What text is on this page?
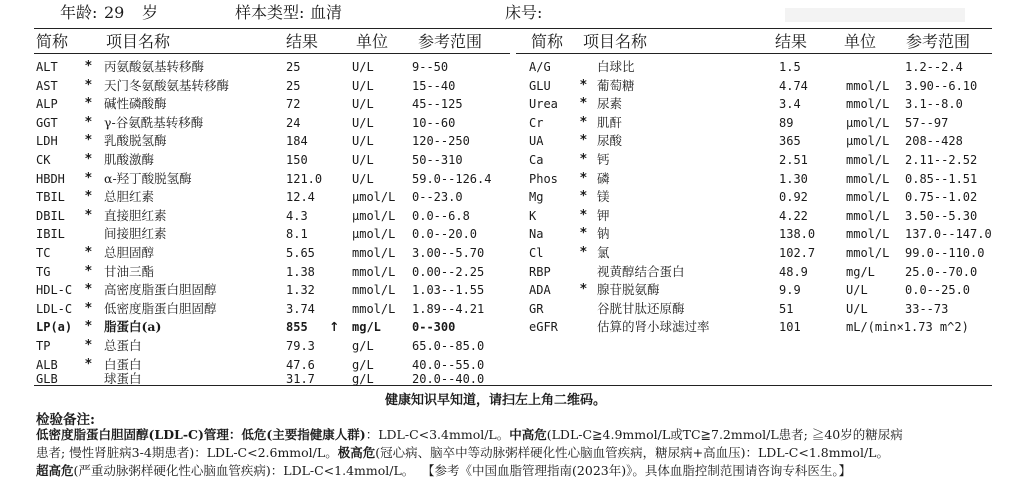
年龄: 29 岁	样本类型: 血清	床号:
简称 项目名称	结果 单位 参考范围	简称 项目名称	结果 单位 参考范围
ALT * 丙氨酸氨基转移酶	25	U/L	9--50
AST * 天门冬氨酸氨基转移酶	25	U/L	15--40
ALP * 碱性磷酸酶	72	U/L	45--125
GGT * γ-谷氨酰基转移酶	24	U/L	10--60
LDH * 乳酸脱氢酶	184	U/L	120--250
CK	* 肌酸激酶	150	U/L	50--310
HBDH * α-羟丁酸脱氢酶	121.0 U/L	59.0--126.4
TBIL * 总胆红素	12.4	μmol/L 0--23.0
DBIL * 直接胆红素	4.3	μmol/L 0.0--6.8
IBIL	间接胆红素	8.1	μmol/L 0.0--20.0
TC	* 总胆固醇	5.65	mmol/L 3.00--5.70
TG	* 甘油三酯	1.38	mmol/L 0.00--2.25
HDL-C * 高密度脂蛋白胆固醇	1.32	mmol/L 1.03--1.55
LDL-C * 低密度脂蛋白胆固醇	3.74	mmol/L 1.89--4.21
LP(a) * 脂蛋白(a)	855 ↑ mg/L	0--300
TP	* 总蛋白	79.3	g/L	65.0--85.0
ALB * 白蛋白	47.6	g/L	40.0--55.0
GLB	球蛋白	31.7	g/L	20.0--40.0
A/G	白球比	1.5	1.2--2.4
GLU * 葡萄糖	4.74	mmol/L 3.90--6.10
Urea * 尿素	3.4	mmol/L 3.1--8.0
Cr	* 肌酐	89	μmol/L 57--97
UA	* 尿酸	365	μmol/L 208--428
Ca	* 钙	2.51	mmol/L 2.11--2.52
Phos * 磷	1.30	mmol/L 0.85--1.51
Mg	* 镁	0.92	mmol/L 0.75--1.02
K	* 钾	4.22	mmol/L 3.50--5.30
Na	* 钠	138.0	mmol/L 137.0--147.0
Cl	* 氯	102.7	mmol/L 99.0--110.0
RBP	视黄醇结合蛋白	48.9	mg/L	25.0--70.0
ADA * 腺苷脱氨酶	9.9	U/L	0.0--25.0
GR	谷胱甘肽还原酶	51	U/L	33--73
eGFR	估算的肾小球滤过率	101	mL/(min×1.73 m^2)
健康知识早知道，请扫左上角二维码。
检验备注:
低密度脂蛋白胆固醇(LDL-C)管理：低危(主要指健康人群)：LDL-C<3.4mmol/L。中高危(LDL-C≧4.9mmol/L或TC≧7.2mmol/L患者; ≧40岁的糖尿病
患者; 慢性肾脏病3-4期患者)：LDL-C<2.6mmol/L。极高危(冠心病、脑卒中等动脉粥样硬化性心脑血管疾病，糖尿病+高血压)：LDL-C<1.8mmol/L。
超高危(严重动脉粥样硬化性心脑血管疾病)：LDL-C<1.4mmol/L。 【参考《中国血脂管理指南(2023年)》。具体血脂控制范围请咨询专科医生。】
